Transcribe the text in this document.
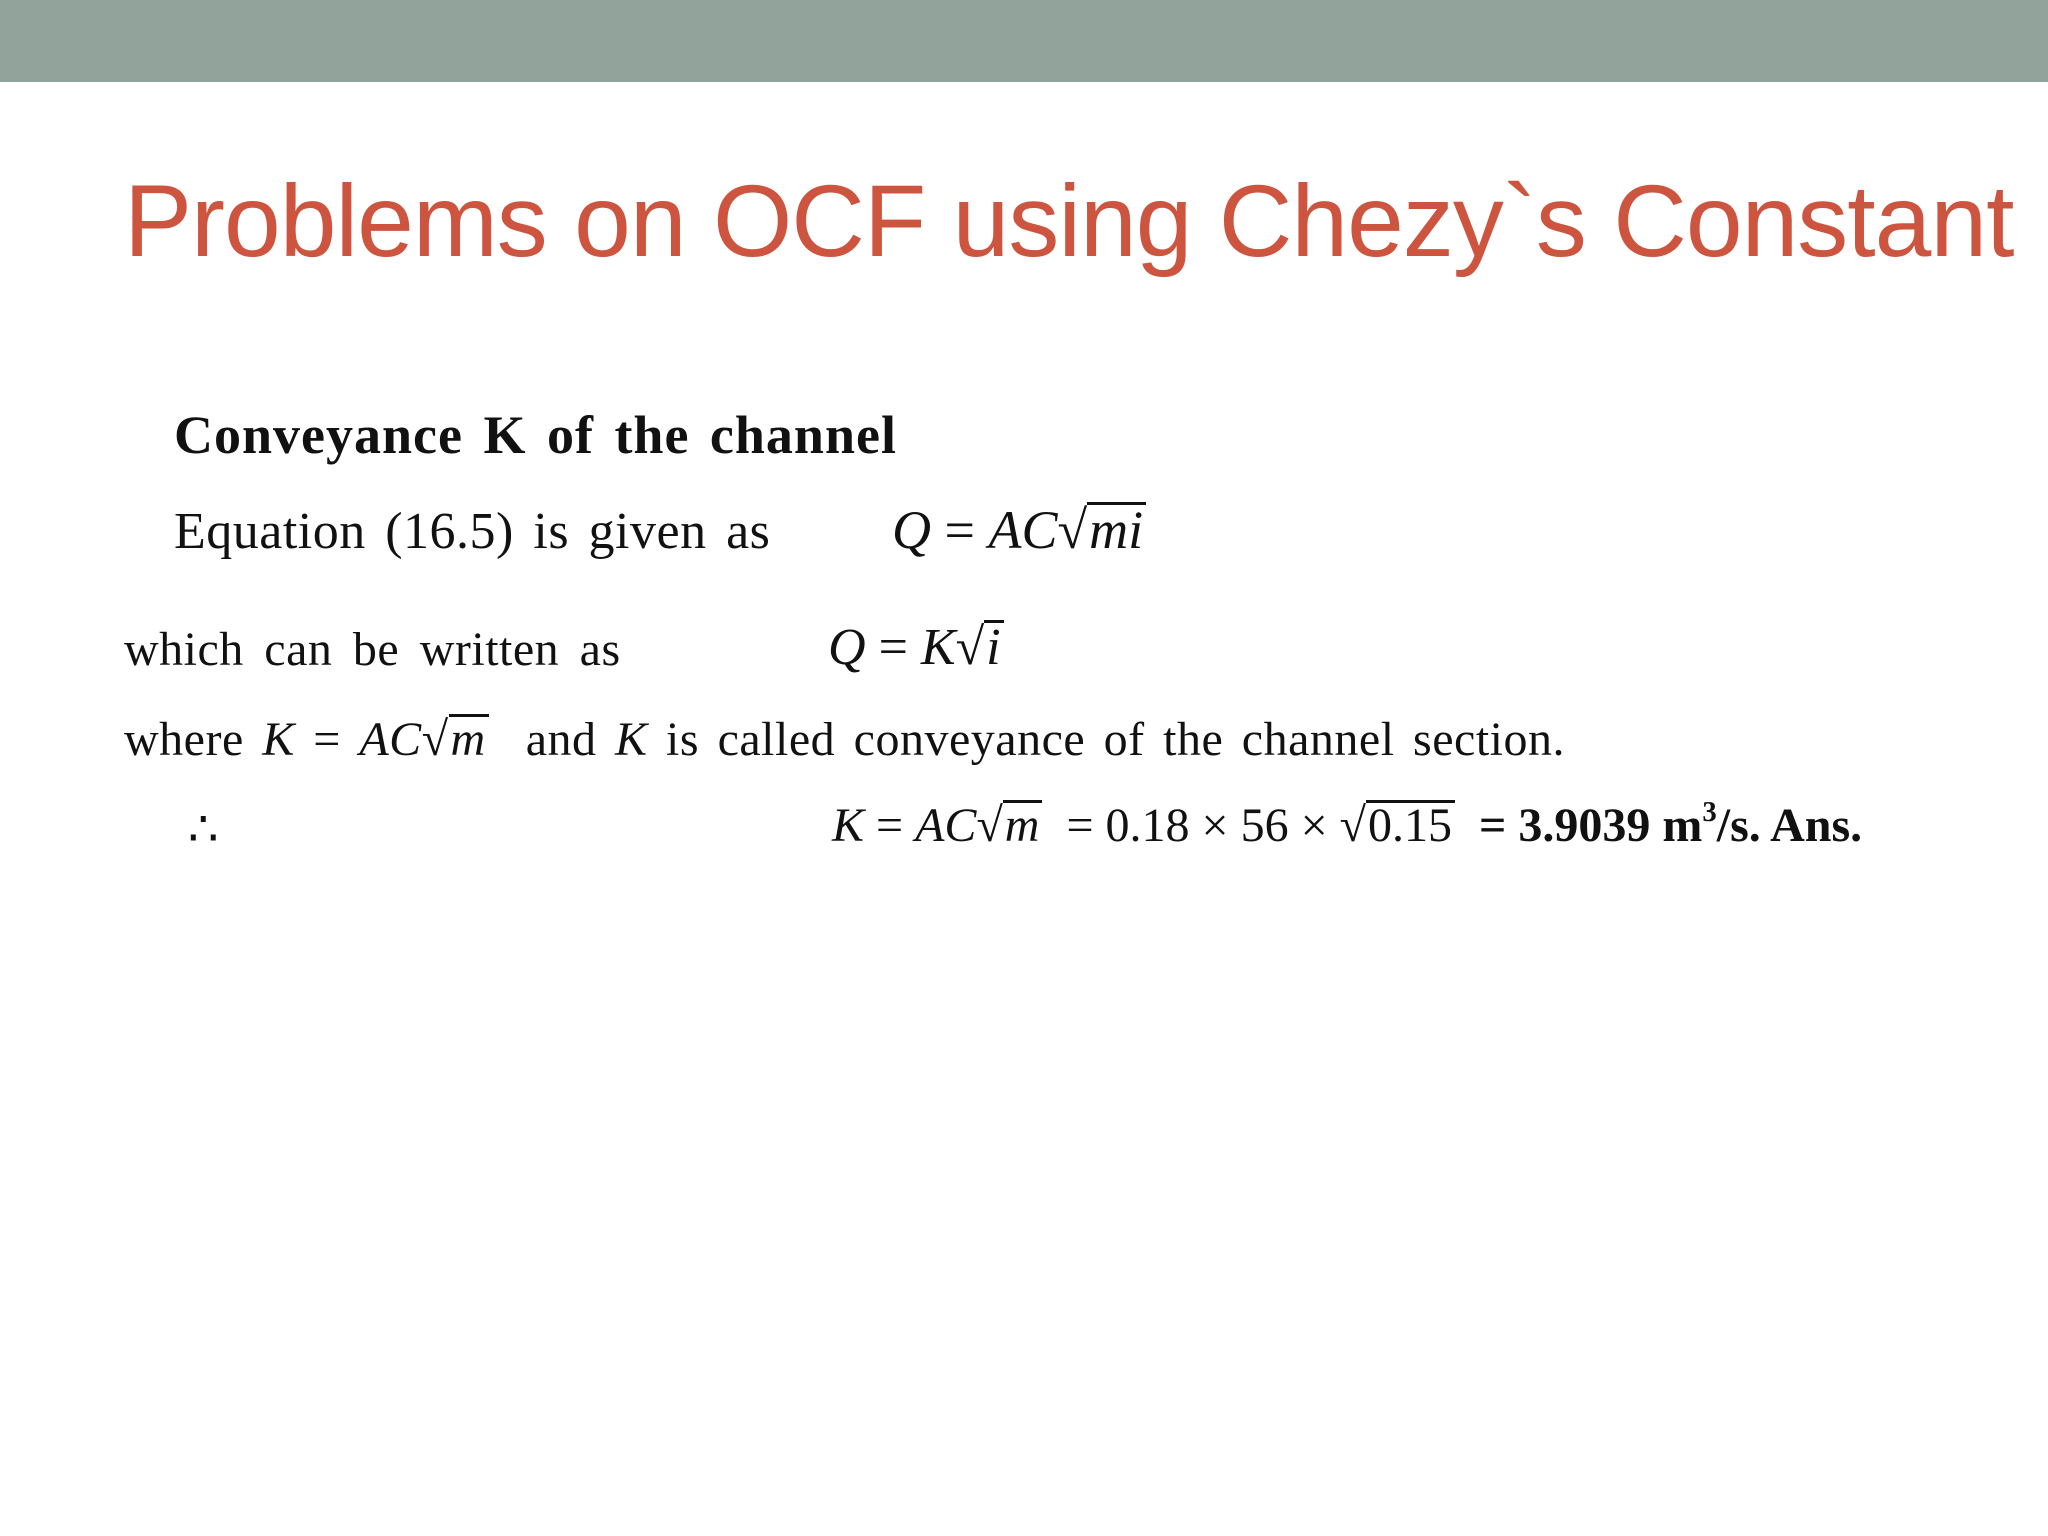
Problems on OCF using Chezy`s Constant
Conveyance K of the channel
Equation (16.5) is given as Q = AC√mi
which can be written as	Q = K√i
where K = AC√m  and K is called conveyance of the channel section.
∴	K = AC√m  = 0.18 × 56 × √0.15  = 3.9039 $m^3/s$. Ans.
